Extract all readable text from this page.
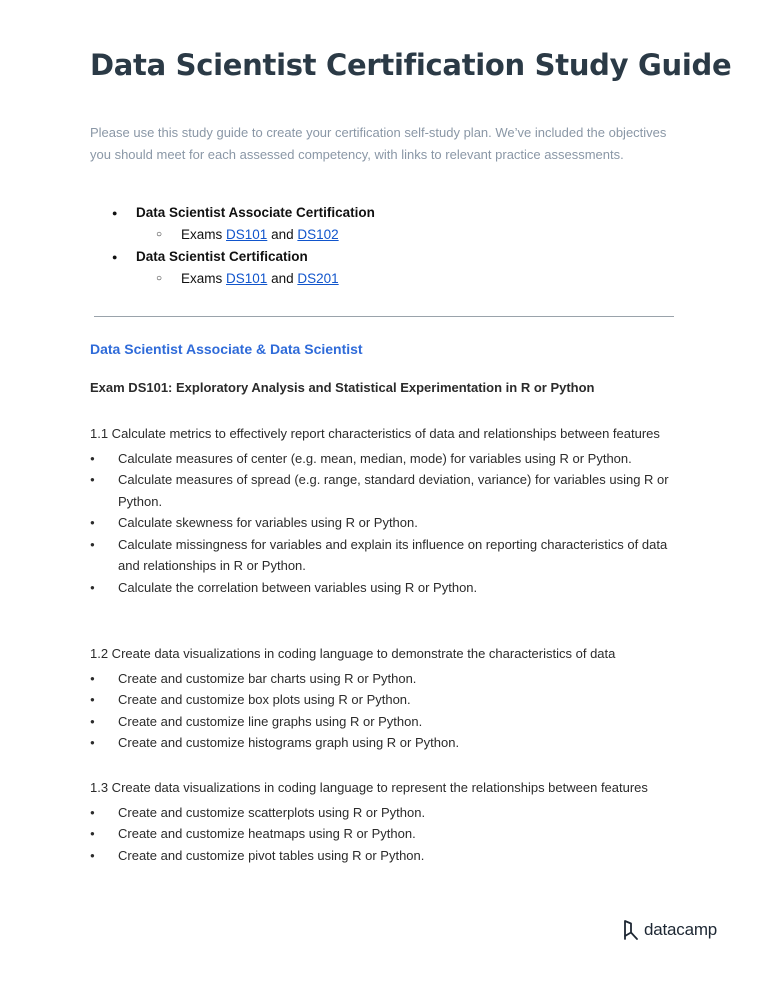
Data Scientist Certification Study Guide

Please use this study guide to create your certification self-study plan. We’ve included the objectives you should meet for each assessed competency, with links to relevant practice assessments.

● Data Scientist Associate Certification
○ Exams DS101 and DS102
● Data Scientist Certification
○ Exams DS101 and DS201
Data Scientist Associate & Data Scientist
Exam DS101: Exploratory Analysis and Statistical Experimentation in R or Python

1.1 Calculate metrics to effectively report characteristics of data and relationships between features

● Calculate measures of center (e.g. mean, median, mode) for variables using R or Python.
● Calculate measures of spread (e.g. range, standard deviation, variance) for variables using R or Python.
● Calculate skewness for variables using R or Python.
● Calculate missingness for variables and explain its influence on reporting characteristics of data and relationships in R or Python.
● Calculate the correlation between variables using R or Python.

1.2 Create data visualizations in coding language to demonstrate the characteristics of data

● Create and customize bar charts using R or Python.
● Create and customize box plots using R or Python.
● Create and customize line graphs using R or Python.
● Create and customize histograms graph using R or Python.

1.3 Create data visualizations in coding language to represent the relationships between features

● Create and customize scatterplots using R or Python.
● Create and customize heatmaps using R or Python.
● Create and customize pivot tables using R or Python.
datacamp
